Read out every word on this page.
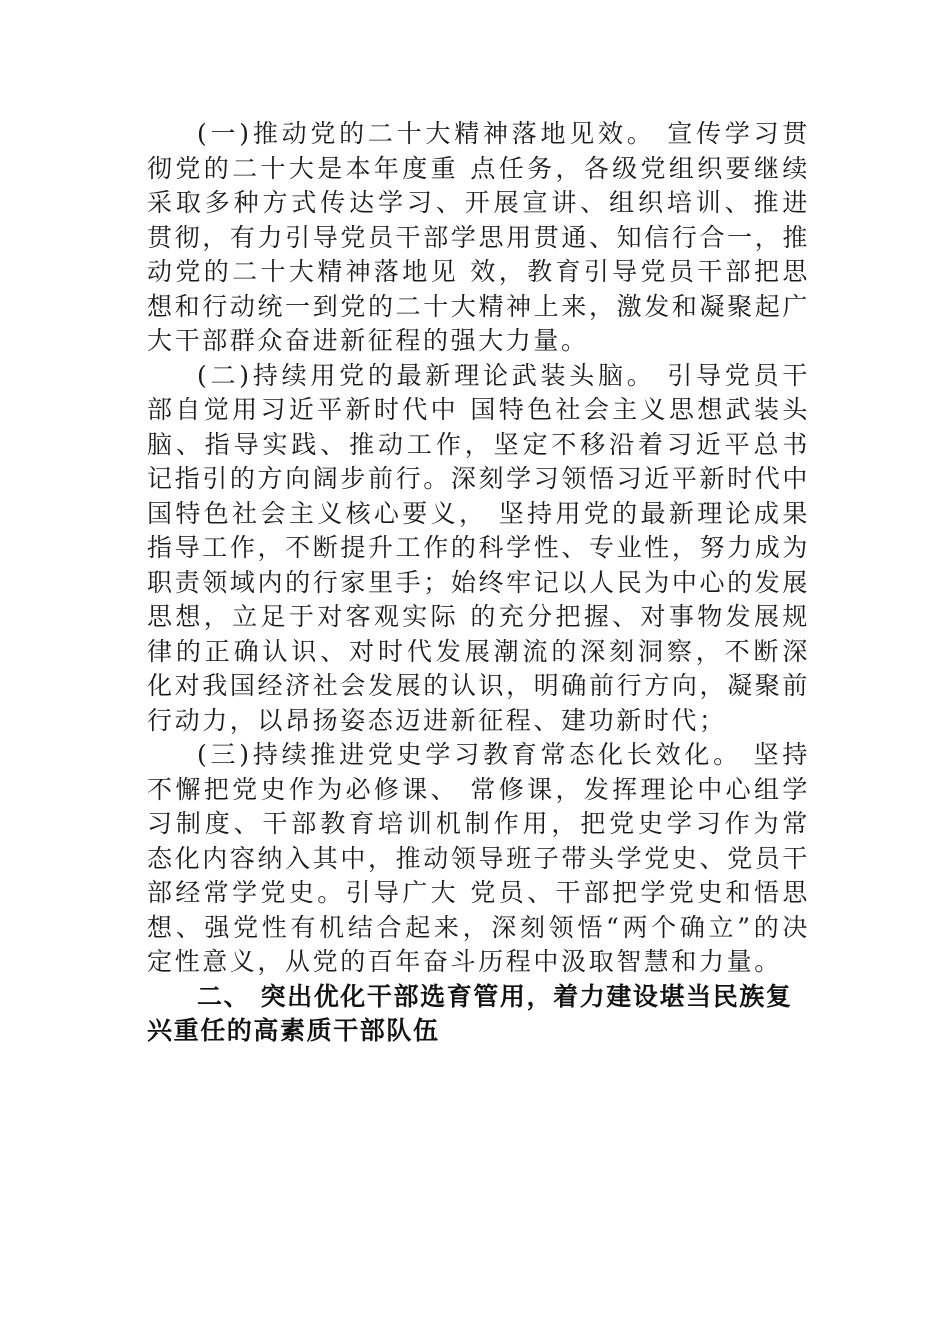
(一)推动党的二十大精神落地见效。 宣传学习贯彻党的二十大是本年度重 点任务，各级党组织要继续采取多种方式传达学习、开展宣讲、组织培训、推进 贯彻，有力引导党员干部学思用贯通、知信行合一，推动党的二十大精神落地见 效，教育引导党员干部把思想和行动统一到党的二十大精神上来，激发和凝聚起广大干部群众奋进新征程的强大力量。

(二)持续用党的最新理论武装头脑。 引导党员干部自觉用习近平新时代中 国特色社会主义思想武装头脑、指导实践、推动工作，坚定不移沿着习近平总书 记指引的方向阔步前行。深刻学习领悟习近平新时代中国特色社会主义核心要义， 坚持用党的最新理论成果指导工作，不断提升工作的科学性、专业性，努力成为 职责领域内的行家里手；始终牢记以人民为中心的发展思想，立足于对客观实际 的充分把握、对事物发展规律的正确认识、对时代发展潮流的深刻洞察，不断深 化对我国经济社会发展的认识，明确前行方向，凝聚前行动力，以昂扬姿态迈进新征程、建功新时代；

(三)持续推进党史学习教育常态化长效化。 坚持不懈把党史作为必修课、 常修课，发挥理论中心组学习制度、干部教育培训机制作用，把党史学习作为常 态化内容纳入其中，推动领导班子带头学党史、党员干部经常学党史。引导广大 党员、干部把学党史和悟思想、强党性有机结合起来，深刻领悟“两个确立”的决定性意义，从党的百年奋斗历程中汲取智慧和力量。

二、 突出优化干部选育管用，着力建设堪当民族复兴重任的高素质干部队伍
